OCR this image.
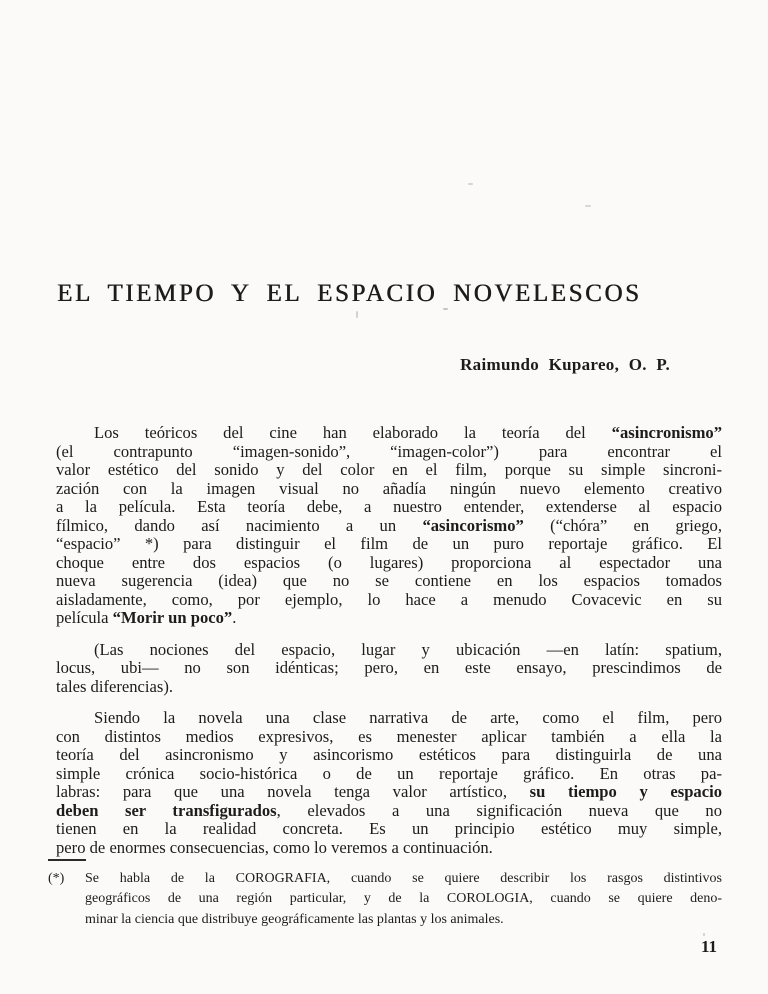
EL TIEMPO Y EL ESPACIO NOVELESCOS
Raimundo Kupareo, O. P.
Los teóricos del cine han elaborado la teoría del “asincronismo”
(el contrapunto “imagen-sonido”, “imagen-color”) para encontrar el
valor estético del sonido y del color en el film, porque su simple sincroni-
zación con la imagen visual no añadía ningún nuevo elemento creativo
a la película. Esta teoría debe, a nuestro entender, extenderse al espacio
fílmico, dando así nacimiento a un “asincorismo” (“chóra” en griego,
“espacio” *) para distinguir el film de un puro reportaje gráfico. El
choque entre dos espacios (o lugares) proporciona al espectador una
nueva sugerencia (idea) que no se contiene en los espacios tomados
aisladamente, como, por ejemplo, lo hace a menudo Covacevic en su
película “Morir un poco”.
(Las nociones del espacio, lugar y ubicación —en latín: spatium,
locus, ubi— no son idénticas; pero, en este ensayo, prescindimos de
tales diferencias).
Siendo la novela una clase narrativa de arte, como el film, pero
con distintos medios expresivos, es menester aplicar también a ella la
teoría del asincronismo y asincorismo estéticos para distinguirla de una
simple crónica socio-histórica o de un reportaje gráfico. En otras pa-
labras: para que una novela tenga valor artístico, su tiempo y espacio
deben ser transfigurados, elevados a una significación nueva que no
tienen en la realidad concreta. Es un principio estético muy simple,
pero de enormes consecuencias, como lo veremos a continuación.
(*)	Se habla de la COROGRAFIA, cuando se quiere describir los rasgos distintivos
geográficos de una región particular, y de la COROLOGIA, cuando se quiere deno-
minar la ciencia que distribuye geográficamente las plantas y los animales.
11
